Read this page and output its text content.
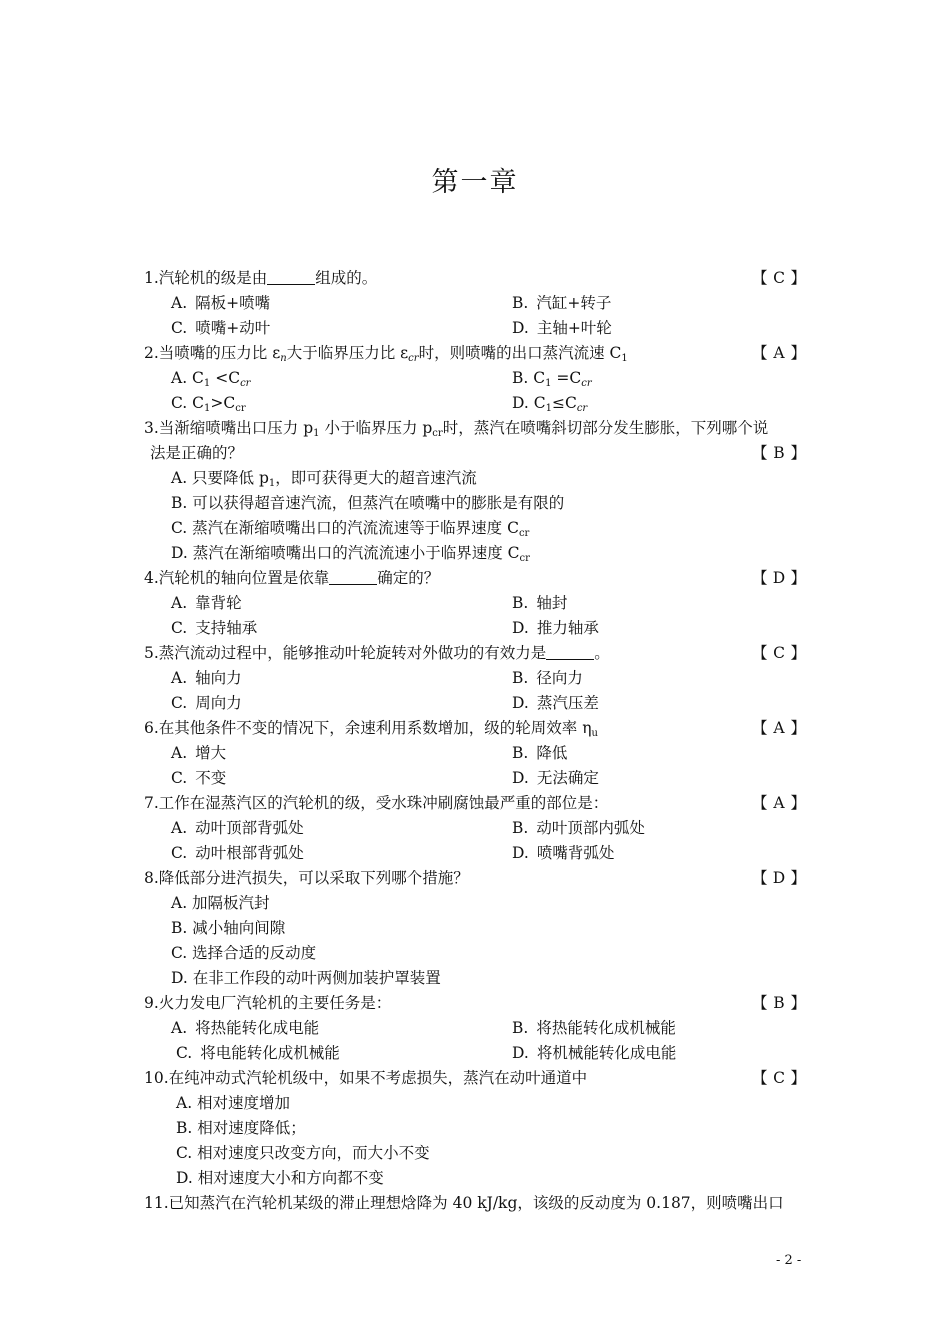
第一章
1.汽轮机的级是由	组成的。	【 C 】
A. 隔板+喷嘴	B. 汽缸+转子
C. 喷嘴+动叶	D. 主轴+叶轮
2.当喷嘴的压力比 $\varepsilon_n$大于临界压力比 $\varepsilon_{cr}$时，则喷嘴的出口蒸汽流速 $C_1$	【 A 】
A. $C_1 <C_{cr}$	B. $C_1 =C_{cr}$
C. $C_1>C_{cr}$	D. $C_1\le C_{cr}$
3.当渐缩喷嘴出口压力 $p_1$ 小于临界压力 $p_{cr}$时，蒸汽在喷嘴斜切部分发生膨胀，下列哪个说
法是正确的？	【 B 】
A. 只要降低 $p_1$，即可获得更大的超音速汽流
B. 可以获得超音速汽流，但蒸汽在喷嘴中的膨胀是有限的
C. 蒸汽在渐缩喷嘴出口的汽流流速等于临界速度 $C_{cr}$
D. 蒸汽在渐缩喷嘴出口的汽流流速小于临界速度 $C_{cr}$
4.汽轮机的轴向位置是依靠	确定的？	【 D 】
A. 靠背轮	B. 轴封
C. 支持轴承	D. 推力轴承
5.蒸汽流动过程中，能够推动叶轮旋转对外做功的有效力是	。	【 C 】
A. 轴向力	B. 径向力
C. 周向力	D. 蒸汽压差
6.在其他条件不变的情况下，余速利用系数增加，级的轮周效率 $\eta_u$	【 A 】
A. 增大	B. 降低
C. 不变	D. 无法确定
7.工作在湿蒸汽区的汽轮机的级，受水珠冲刷腐蚀最严重的部位是：	【 A 】
A. 动叶顶部背弧处	B. 动叶顶部内弧处
C. 动叶根部背弧处	D. 喷嘴背弧处
8.降低部分进汽损失，可以采取下列哪个措施？	【 D 】
A. 加隔板汽封
B. 减小轴向间隙
C. 选择合适的反动度
D. 在非工作段的动叶两侧加装护罩装置
9.火力发电厂汽轮机的主要任务是：	【 B 】
A. 将热能转化成电能	B. 将热能转化成机械能
C. 将电能转化成机械能	D. 将机械能转化成电能
10.在纯冲动式汽轮机级中，如果不考虑损失，蒸汽在动叶通道中	【 C 】
A. 相对速度增加
B. 相对速度降低；
C. 相对速度只改变方向，而大小不变
D. 相对速度大小和方向都不变
11.已知蒸汽在汽轮机某级的滞止理想焓降为 40 kJ/kg，该级的反动度为 0.187，则喷嘴出口
- 2 -
